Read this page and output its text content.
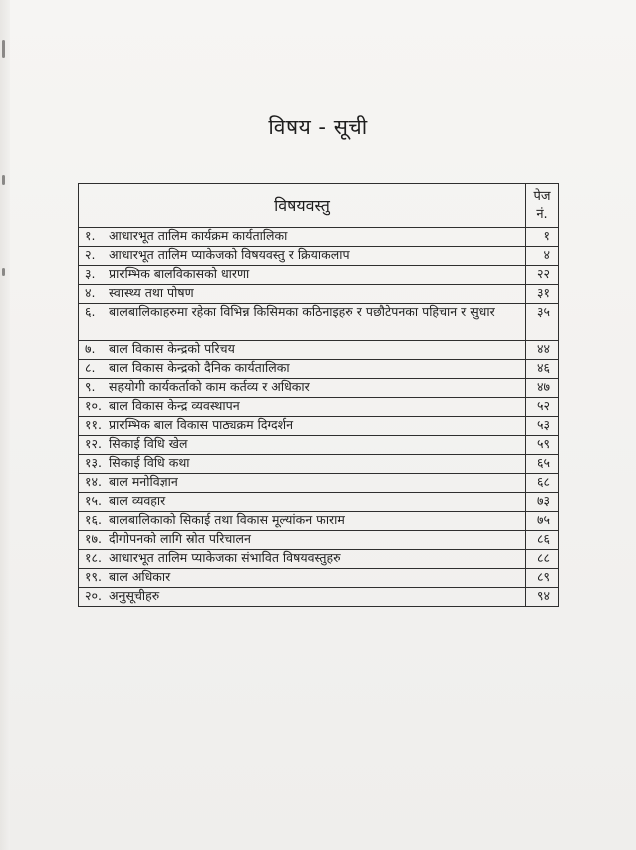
विषय - सूची
विषयवस्तु	पेज नं.
१. आधारभूत तालिम कार्यक्रम कार्यतालिका	१
२. आधारभूत तालिम प्याकेजको विषयवस्तु र क्रियाकलाप	४
३. प्रारम्भिक बालविकासको धारणा	२२
४. स्वास्थ्य तथा पोषण	३१
६. बालबालिकाहरुमा रहेका विभिन्न किसिमका कठिनाइहरु र पछौटेपनका पहिचान र सुधार	३५
७. बाल विकास केन्द्रको परिचय	४४
८. बाल विकास केन्द्रको दैनिक कार्यतालिका	४६
९. सहयोगी कार्यकर्ताको काम कर्तव्य र अधिकार	४७
१०. बाल विकास केन्द्र व्यवस्थापन	५२
११. प्रारम्भिक बाल विकास पाठ्यक्रम दिग्दर्शन	५३
१२. सिकाई विधि खेल	५९
१३. सिकाई विधि कथा	६५
१४. बाल मनोविज्ञान	६८
१५. बाल व्यवहार	७३
१६. बालबालिकाको सिकाई तथा विकास मूल्यांकन फाराम	७५
१७. दीगोपनको लागि स्रोत परिचालन	८६
१८. आधारभूत तालिम प्याकेजका संभावित विषयवस्तुहरु	८८
१९. बाल अधिकार	८९
२०. अनुसूचीहरु	९४
